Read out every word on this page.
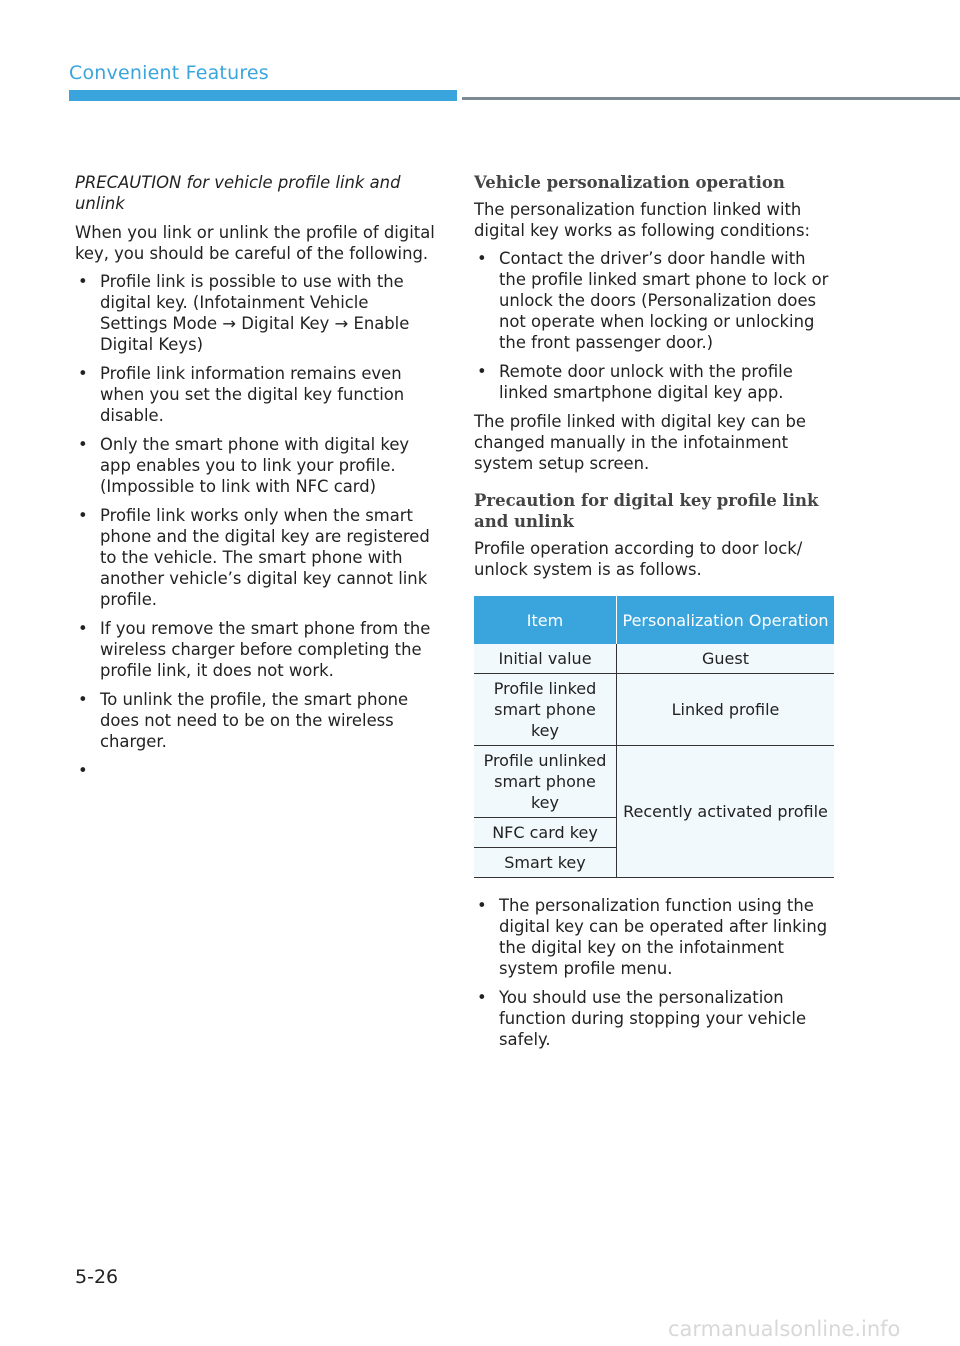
Convenient Features

PRECAUTION for vehicle profile link and unlink

When you link or unlink the profile of digital key, you should be careful of the following.

• Profile link is possible to use with the digital key. (Infotainment Vehicle Settings Mode → Digital Key → Enable Digital Keys)
• Profile link information remains even when you set the digital key function disable.
• Only the smart phone with digital key app enables you to link your profile. (Impossible to link with NFC card)
• Profile link works only when the smart phone and the digital key are registered to the vehicle. The smart phone with another vehicle’s digital key cannot link profile.
• If you remove the smart phone from the wireless charger before completing the profile link, it does not work.
• To unlink the profile, the smart phone does not need to be on the wireless charger.

Vehicle personalization operation

The personalization function linked with digital key works as following conditions:

• Contact the driver’s door handle with the profile linked smart phone to lock or unlock the doors (Personalization does not operate when locking or unlocking the front passenger door.)
• Remote door unlock with the profile linked smartphone digital key app.

The profile linked with digital key can be changed manually in the infotainment system setup screen.

Precaution for digital key profile link and unlink

Profile operation according to door lock/ unlock system is as follows.

Item	Personalization Operation
Initial value	Guest
Profile linked smart phone key	Linked profile
Profile unlinked smart phone key	Recently activated profile
NFC card key	
Smart key	
• The personalization function using the digital key can be operated after linking the digital key on the infotainment system profile menu.
• You should use the personalization function during stopping your vehicle safely.
5-26
carmanualsonline.info
